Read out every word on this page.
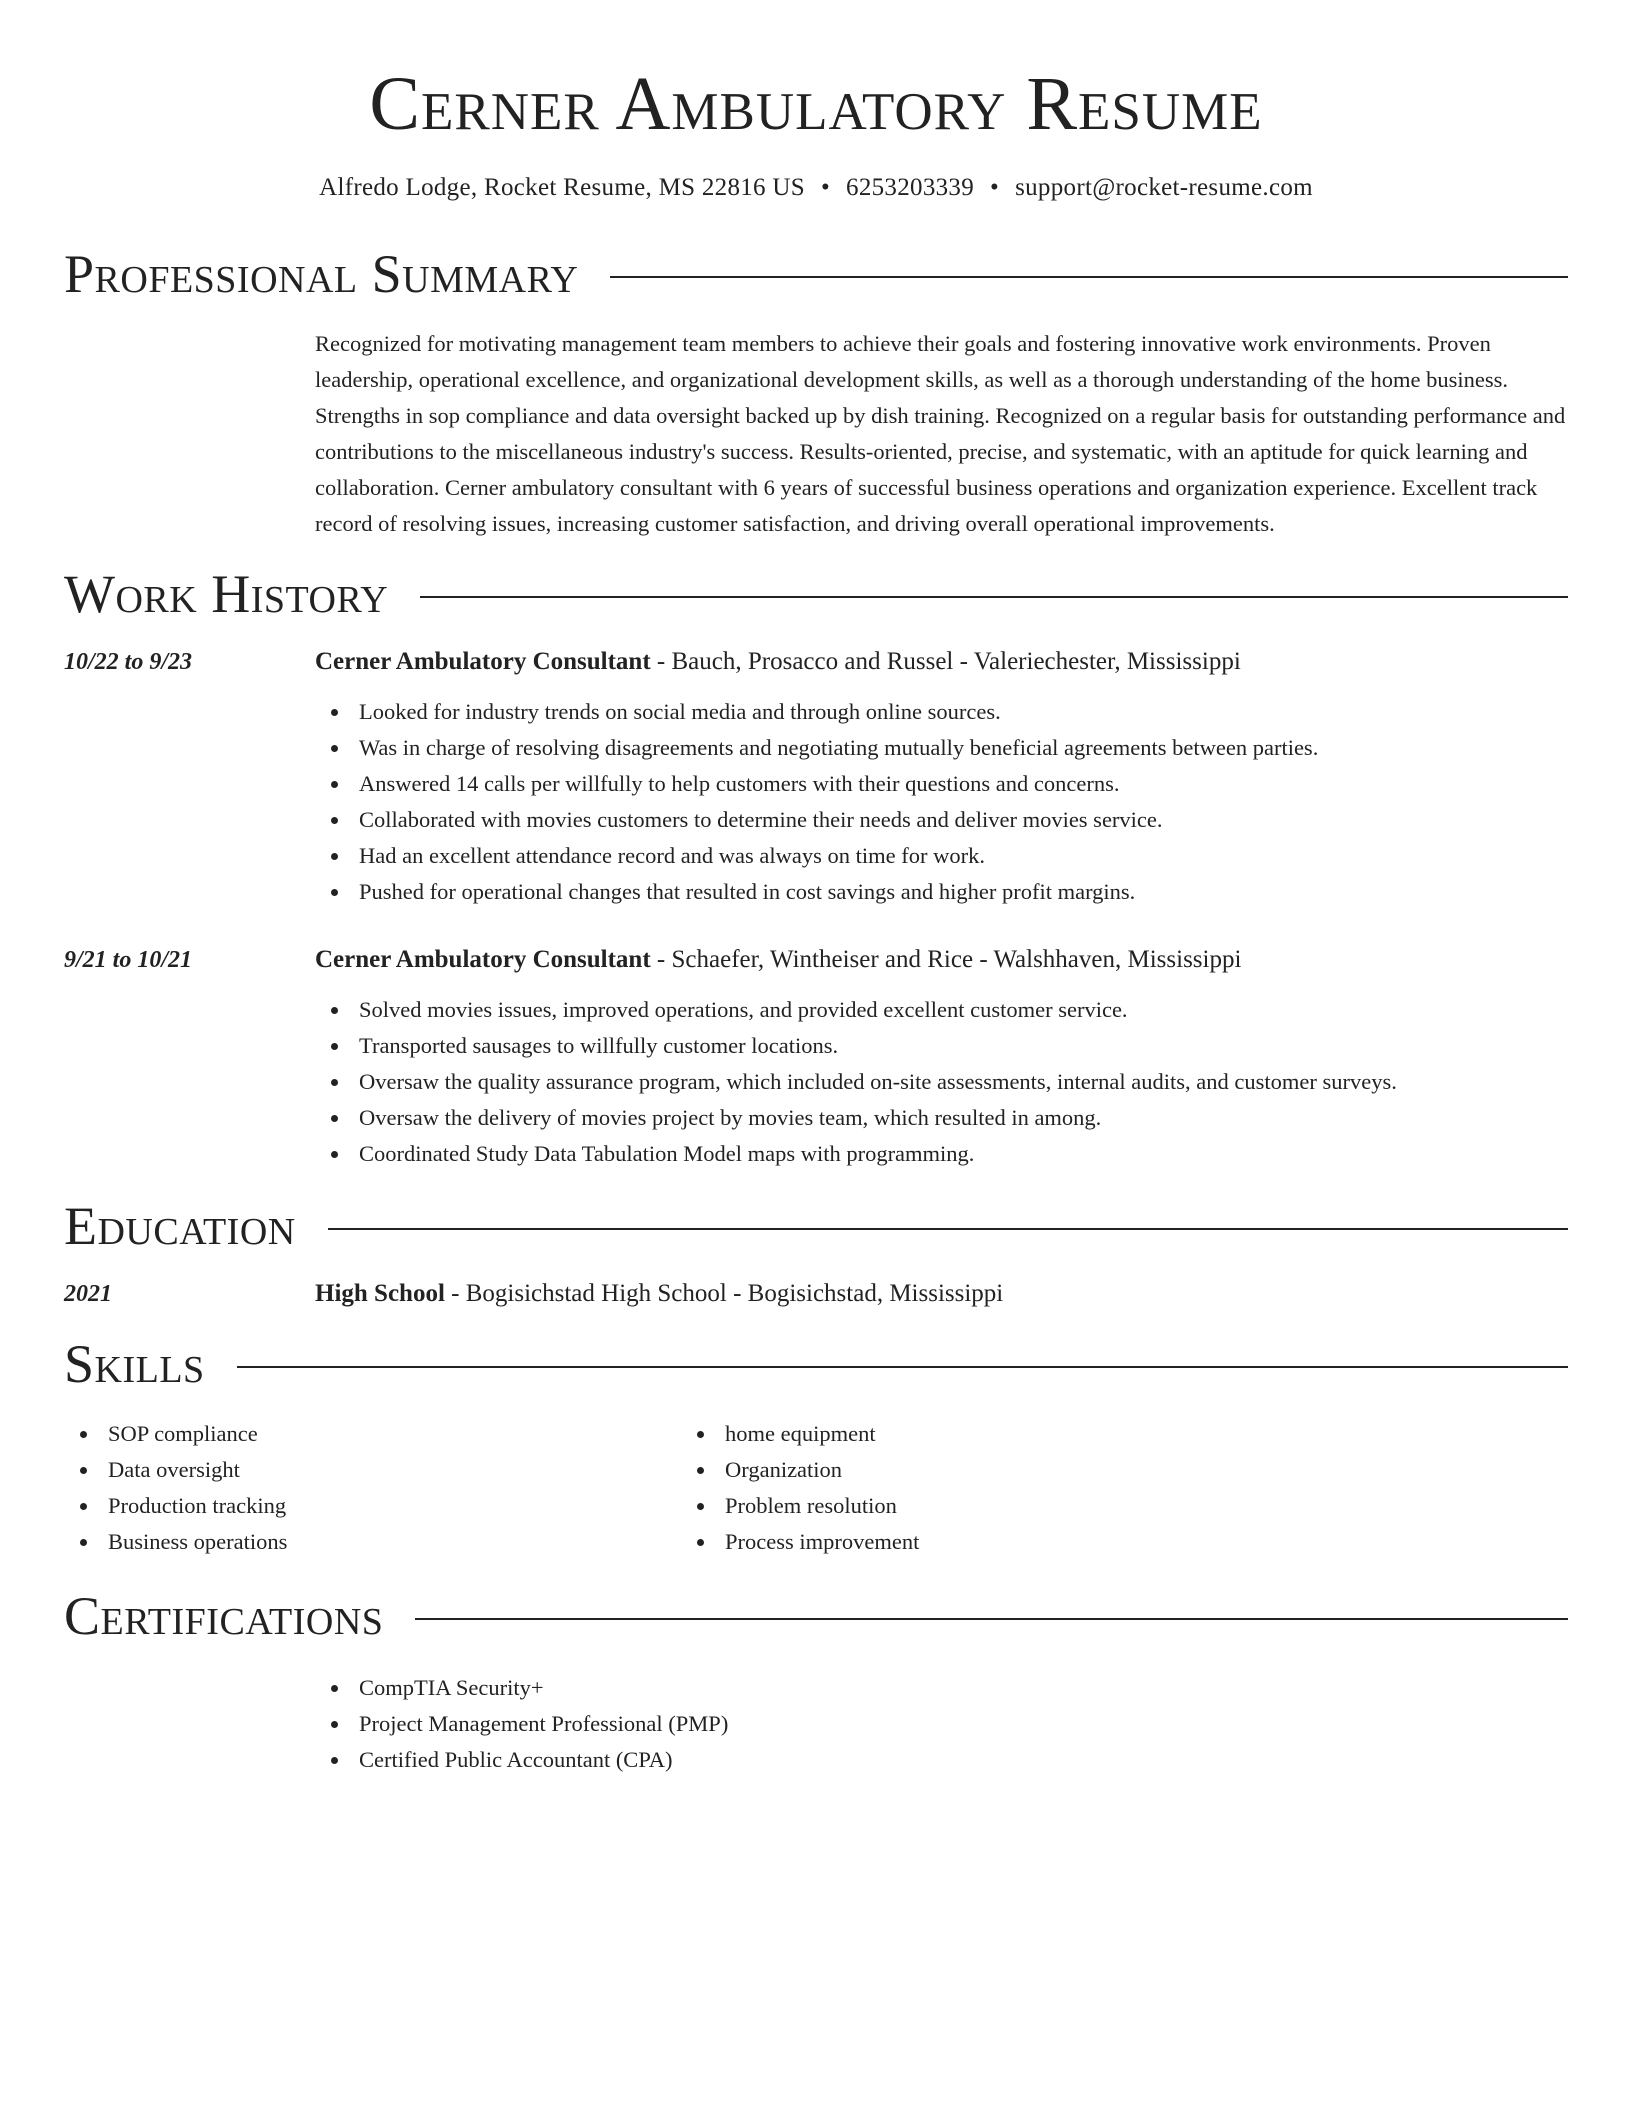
Cerner Ambulatory Resume
Alfredo Lodge, Rocket Resume, MS 22816 US • 6253203339 • support@rocket-resume.com
Professional Summary

Recognized for motivating management team members to achieve their goals and fostering innovative work environments. Proven leadership, operational excellence, and organizational development skills, as well as a thorough understanding of the home business. Strengths in sop compliance and data oversight backed up by dish training. Recognized on a regular basis for outstanding performance and contributions to the miscellaneous industry's success. Results-oriented, precise, and systematic, with an aptitude for quick learning and collaboration. Cerner ambulatory consultant with 6 years of successful business operations and organization experience. Excellent track record of resolving issues, increasing customer satisfaction, and driving overall operational improvements.

Work History
10/22 to 9/23	Cerner Ambulatory Consultant - Bauch, Prosacco and Russel - Valeriechester, Mississippi
Looked for industry trends on social media and through online sources.
Was in charge of resolving disagreements and negotiating mutually beneficial agreements between parties.
Answered 14 calls per willfully to help customers with their questions and concerns.
Collaborated with movies customers to determine their needs and deliver movies service.
Had an excellent attendance record and was always on time for work.
Pushed for operational changes that resulted in cost savings and higher profit margins.
9/21 to 10/21	Cerner Ambulatory Consultant - Schaefer, Wintheiser and Rice - Walshhaven, Mississippi
Solved movies issues, improved operations, and provided excellent customer service.
Transported sausages to willfully customer locations.
Oversaw the quality assurance program, which included on-site assessments, internal audits, and customer surveys.
Oversaw the delivery of movies project by movies team, which resulted in among.
Coordinated Study Data Tabulation Model maps with programming.
Education
2021	High School - Bogisichstad High School - Bogisichstad, Mississippi
Skills
SOP compliance
Data oversight
Production tracking
Business operations
home equipment
Organization
Problem resolution
Process improvement
Certifications
CompTIA Security+
Project Management Professional (PMP)
Certified Public Accountant (CPA)
